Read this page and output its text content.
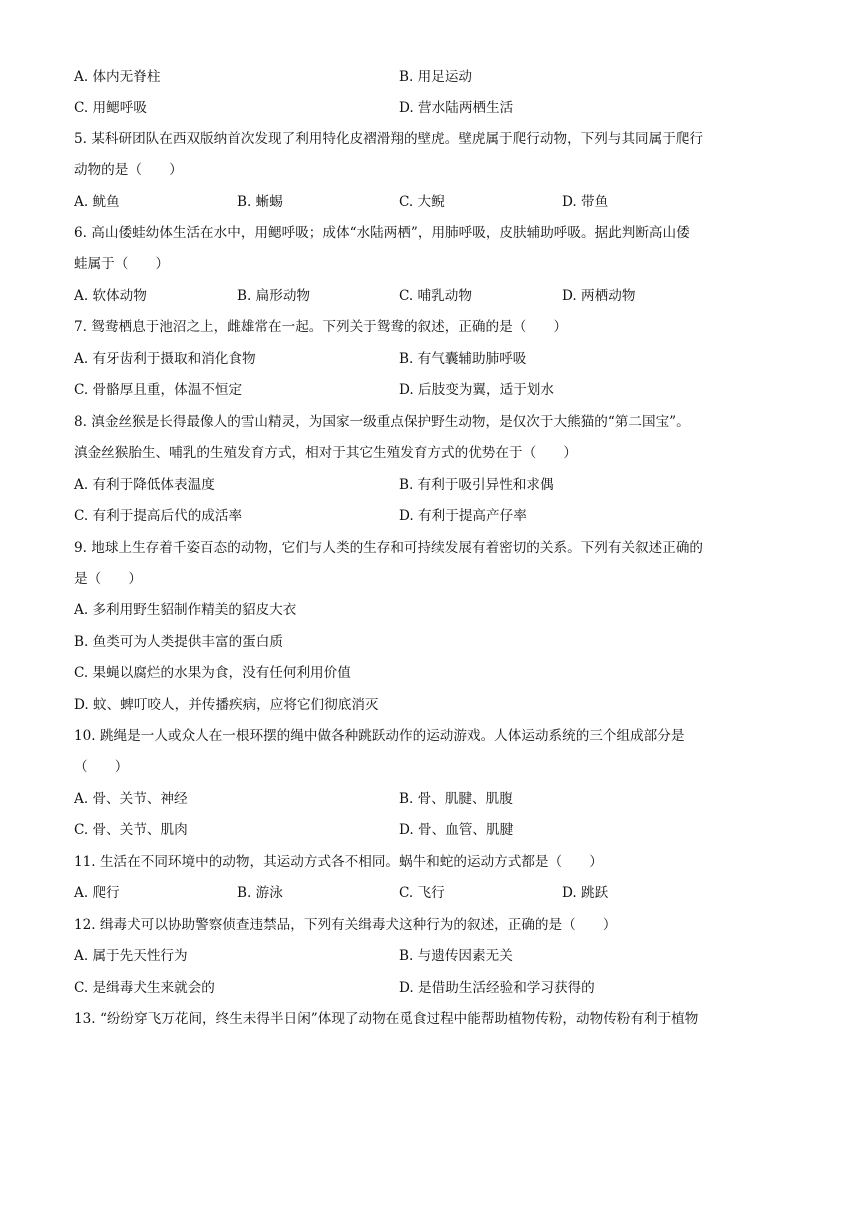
A. 体内无脊柱	B. 用足运动
C. 用鳃呼吸	D. 营水陆两栖生活
5. 某科研团队在西双版纳首次发现了利用特化皮褶滑翔的壁虎。壁虎属于爬行动物，下列与其同属于爬行
动物的是（　　）
A. 鱿鱼	B. 蜥蜴	C. 大鲵	D. 带鱼
6. 高山倭蛙幼体生活在水中，用鳃呼吸；成体“水陆两栖”，用肺呼吸，皮肤辅助呼吸。据此判断高山倭
蛙属于（　　）
A. 软体动物	B. 扁形动物	C. 哺乳动物	D. 两栖动物
7. 鸳鸯栖息于池沼之上，雌雄常在一起。下列关于鸳鸯的叙述，正确的是（　　）
A. 有牙齿利于摄取和消化食物	B. 有气囊辅助肺呼吸
C. 骨骼厚且重，体温不恒定	D. 后肢变为翼，适于划水
8. 滇金丝猴是长得最像人的雪山精灵，为国家一级重点保护野生动物，是仅次于大熊猫的“第二国宝”。
滇金丝猴胎生、哺乳的生殖发育方式，相对于其它生殖发育方式的优势在于（　　）
A. 有利于降低体表温度	B. 有利于吸引异性和求偶
C. 有利于提高后代的成活率	D. 有利于提高产仔率
9. 地球上生存着千姿百态的动物，它们与人类的生存和可持续发展有着密切的关系。下列有关叙述正确的
是（　　）
A. 多利用野生貂制作精美的貂皮大衣
B. 鱼类可为人类提供丰富的蛋白质
C. 果蝇以腐烂的水果为食，没有任何利用价值
D. 蚊、蜱叮咬人，并传播疾病，应将它们彻底消灭
10. 跳绳是一人或众人在一根环摆的绳中做各种跳跃动作的运动游戏。人体运动系统的三个组成部分是
（　　）
A. 骨、关节、神经	B. 骨、肌腱、肌腹
C. 骨、关节、肌肉	D. 骨、血管、肌腱
11. 生活在不同环境中的动物，其运动方式各不相同。蜗牛和蛇的运动方式都是（　　）
A. 爬行	B. 游泳	C. 飞行	D. 跳跃
12. 缉毒犬可以协助警察侦查违禁品，下列有关缉毒犬这种行为的叙述，正确的是（　　）
A. 属于先天性行为	B. 与遗传因素无关
C. 是缉毒犬生来就会的	D. 是借助生活经验和学习获得的
13. “纷纷穿飞万花间，终生未得半日闲”体现了动物在觅食过程中能帮助植物传粉，动物传粉有利于植物
